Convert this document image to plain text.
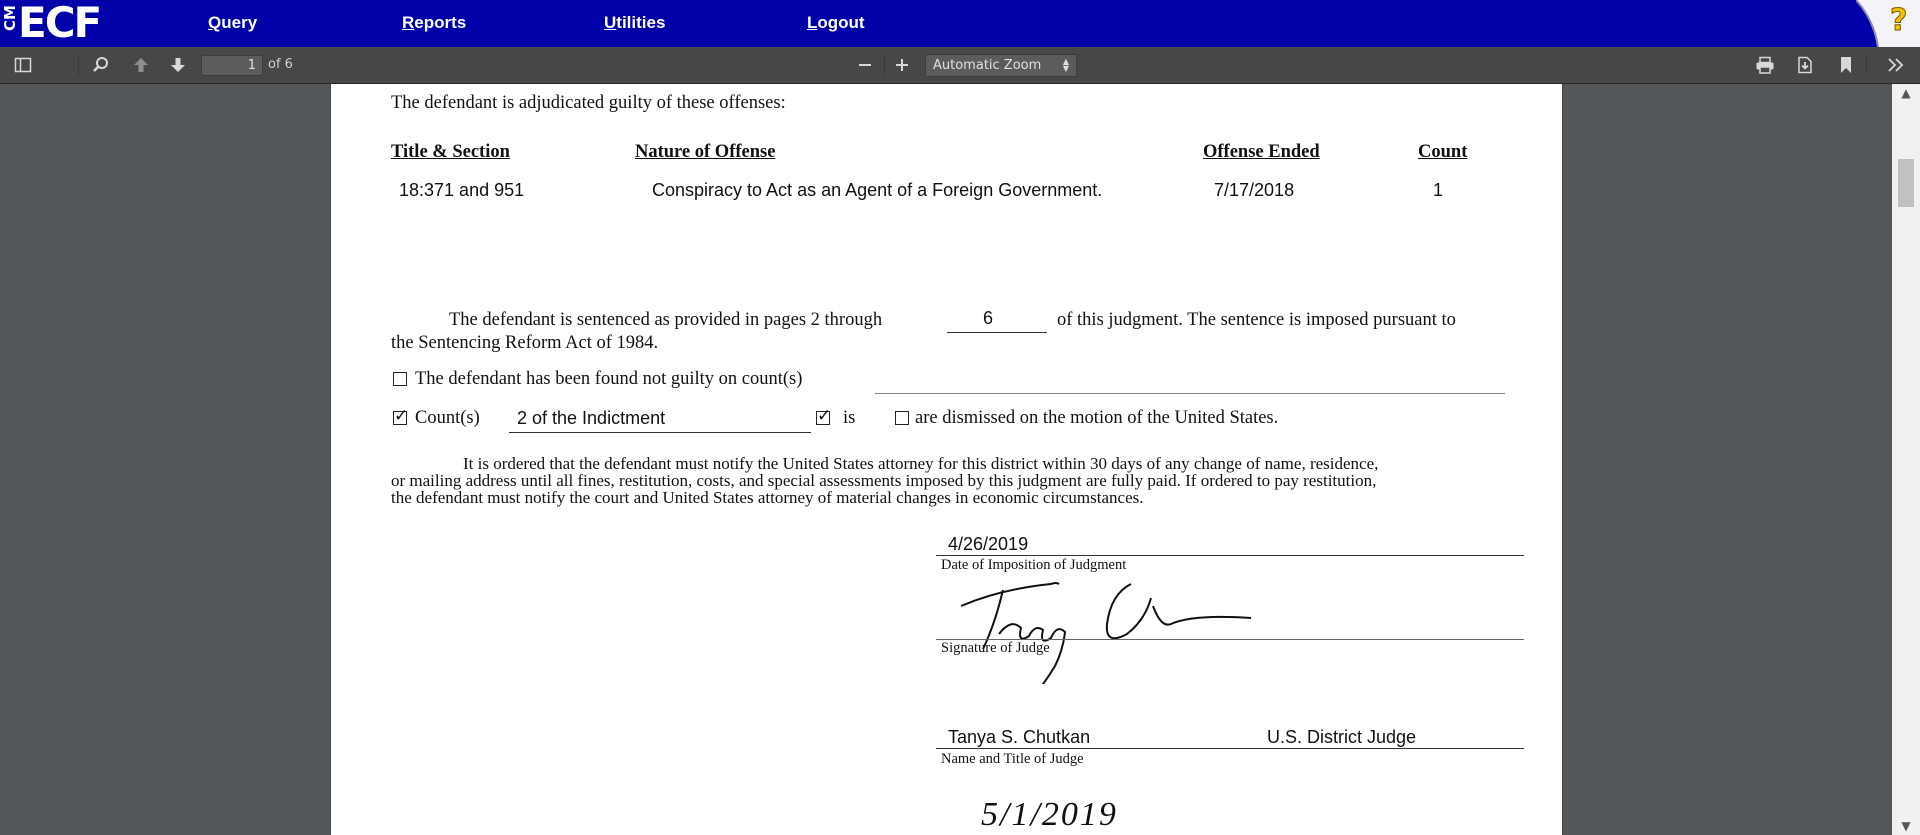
CM ECF	Query	Reports	Utilities	Logout	?
1 of 6	Automatic Zoom	▲
▼
The defendant is adjudicated guilty of these offenses:
Title & Section	Nature of Offense	Offense Ended	Count
18:371 and 951	Conspiracy to Act as an Agent of a Foreign Government.	7/17/2018	1
The defendant is sentenced as provided in pages 2 through	6	of this judgment. The sentence is imposed pursuant to
the Sentencing Reform Act of 1984.
The defendant has been found not guilty on count(s)
✓
Count(s) 2 of the Indictment
✓	is	are dismissed on the motion of the United States.
It is ordered that the defendant must notify the United States attorney for this district within 30 days of any change of name, residence,
or mailing address until all fines, restitution, costs, and special assessments imposed by this judgment are fully paid. If ordered to pay restitution,
the defendant must notify the court and United States attorney of material changes in economic circumstances.
4/26/2019
Date of Imposition of Judgment
Signature of Judge
Tanya S. Chutkan	U.S. District Judge
Name and Title of Judge
5/1/2019
▲
▼
